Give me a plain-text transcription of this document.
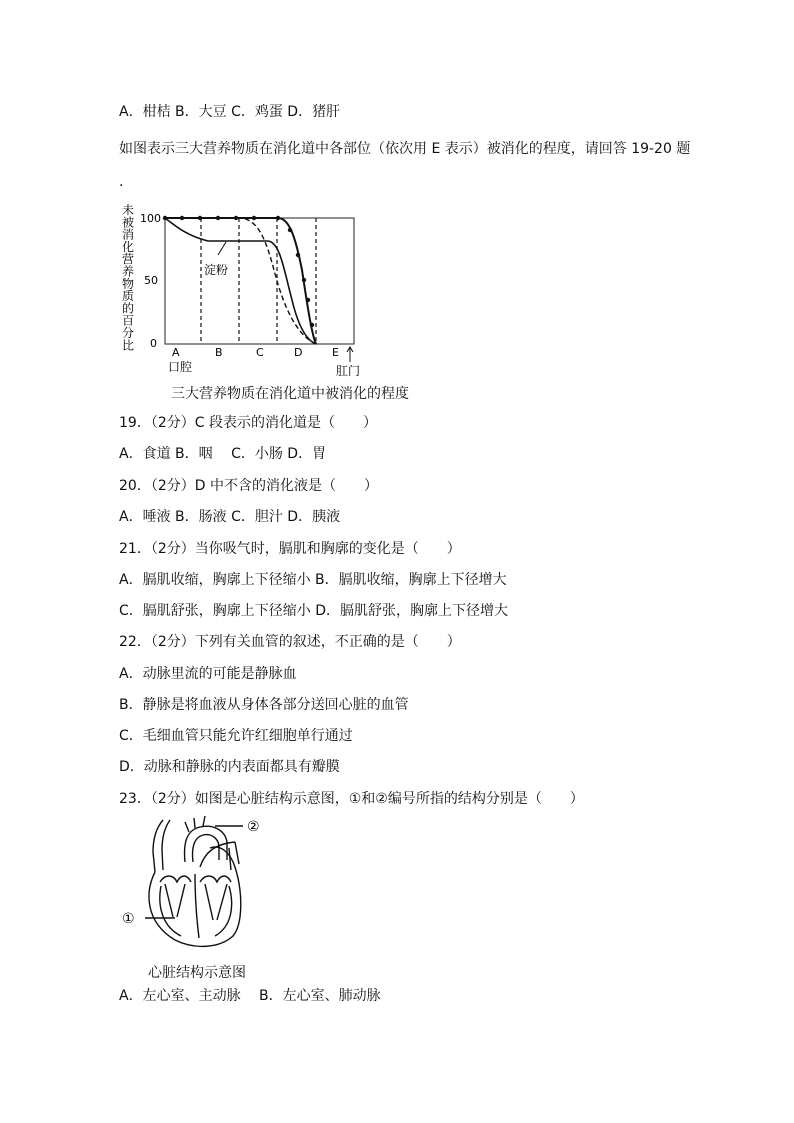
A．柑桔 B．大豆 C．鸡蛋 D．猪肝
如图表示三大营养物质在消化道中各部位（依次用 E 表示）被消化的程度，请回答 19-20 题
.
未
被
消
化
营
养
物
质
的
百
分
比
100
50
0
淀粉
A	B	C	D	E
口腔	肛门
三大营养物质在消化道中被消化的程度
19．（2分）C 段表示的消化道是（　　）
A．食道 B．咽　 C．小肠 D．胃
20．（2分）D 中不含的消化液是（　　）
A．唾液 B．肠液 C．胆汁 D．胰液
21．（2分）当你吸气时，膈肌和胸廓的变化是（　　）
A．膈肌收缩，胸廓上下径缩小 B．膈肌收缩，胸廓上下径增大
C．膈肌舒张，胸廓上下径缩小 D．膈肌舒张，胸廓上下径增大
22．（2分）下列有关血管的叙述，不正确的是（　　）
A．动脉里流的可能是静脉血
B．静脉是将血液从身体各部分送回心脏的血管
C．毛细血管只能允许红细胞单行通过
D．动脉和静脉的内表面都具有瓣膜
23．（2分）如图是心脏结构示意图，①和②编号所指的结构分别是（　　）
②
①
心脏结构示意图
A．左心室、主动脉　 B．左心室、肺动脉
